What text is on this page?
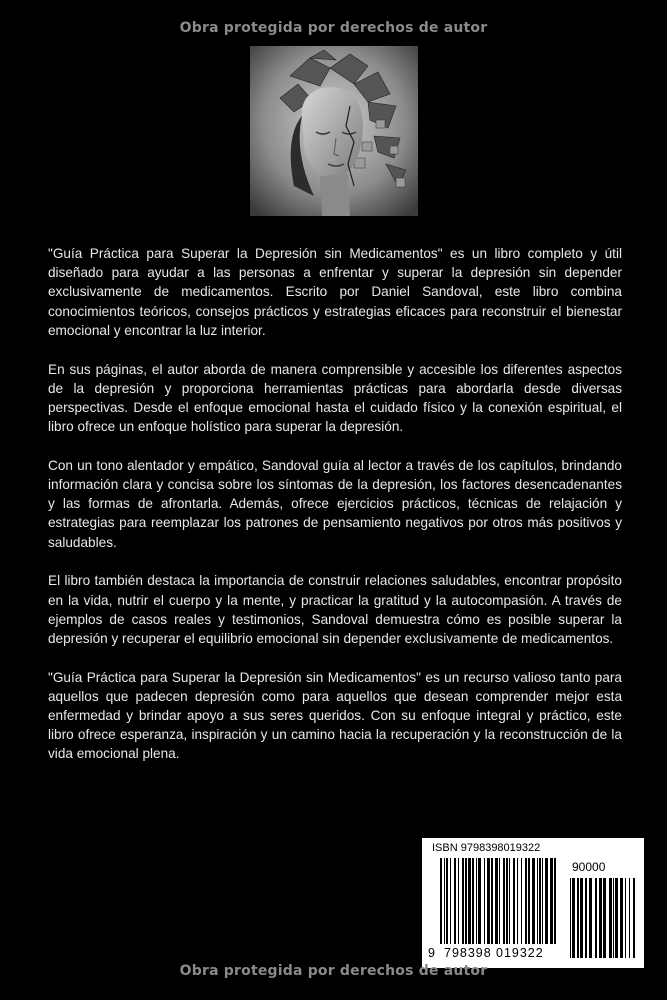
Obra protegida por derechos de autor

"Guía Práctica para Superar la Depresión sin Medicamentos" es un libro completo y útil diseñado para ayudar a las personas a enfrentar y superar la depresión sin depender exclusivamente de medicamentos. Escrito por Daniel Sandoval, este libro combina conocimientos teóricos, consejos prácticos y estrategias eficaces para reconstruir el bienestar emocional y encontrar la luz interior.

En sus páginas, el autor aborda de manera comprensible y accesible los diferentes aspectos de la depresión y proporciona herramientas prácticas para abordarla desde diversas perspectivas. Desde el enfoque emocional hasta el cuidado físico y la conexión espiritual, el libro ofrece un enfoque holístico para superar la depresión.

Con un tono alentador y empático, Sandoval guía al lector a través de los capítulos, brindando información clara y concisa sobre los síntomas de la depresión, los factores desencadenantes y las formas de afrontarla. Además, ofrece ejercicios prácticos, técnicas de relajación y estrategias para reemplazar los patrones de pensamiento negativos por otros más positivos y saludables.

El libro también destaca la importancia de construir relaciones saludables, encontrar propósito en la vida, nutrir el cuerpo y la mente, y practicar la gratitud y la autocompasión. A través de ejemplos de casos reales y testimonios, Sandoval demuestra cómo es posible superar la depresión y recuperar el equilibrio emocional sin depender exclusivamente de medicamentos.

"Guía Práctica para Superar la Depresión sin Medicamentos" es un recurso valioso tanto para aquellos que padecen depresión como para aquellos que desean comprender mejor esta enfermedad y brindar apoyo a sus seres queridos. Con su enfoque integral y práctico, este libro ofrece esperanza, inspiración y un camino hacia la recuperación y la reconstrucción de la vida emocional plena.

ISBN 9798398019322
90000
9 798398 019322
Obra protegida por derechos de autor
